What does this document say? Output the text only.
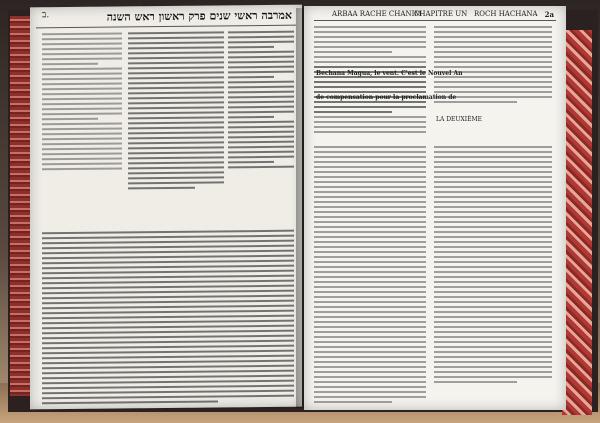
אמרבה ראשי שנים פרק ראשון ראש השנה
ב.	ARBAA RACHE CHANIM
CHAPITRE UN ROCH HACHANA 2a
Bechana Magua, le vent. C'est le Nouvel An
de compensation pour la proclamation de
LA DEUXIÈME
